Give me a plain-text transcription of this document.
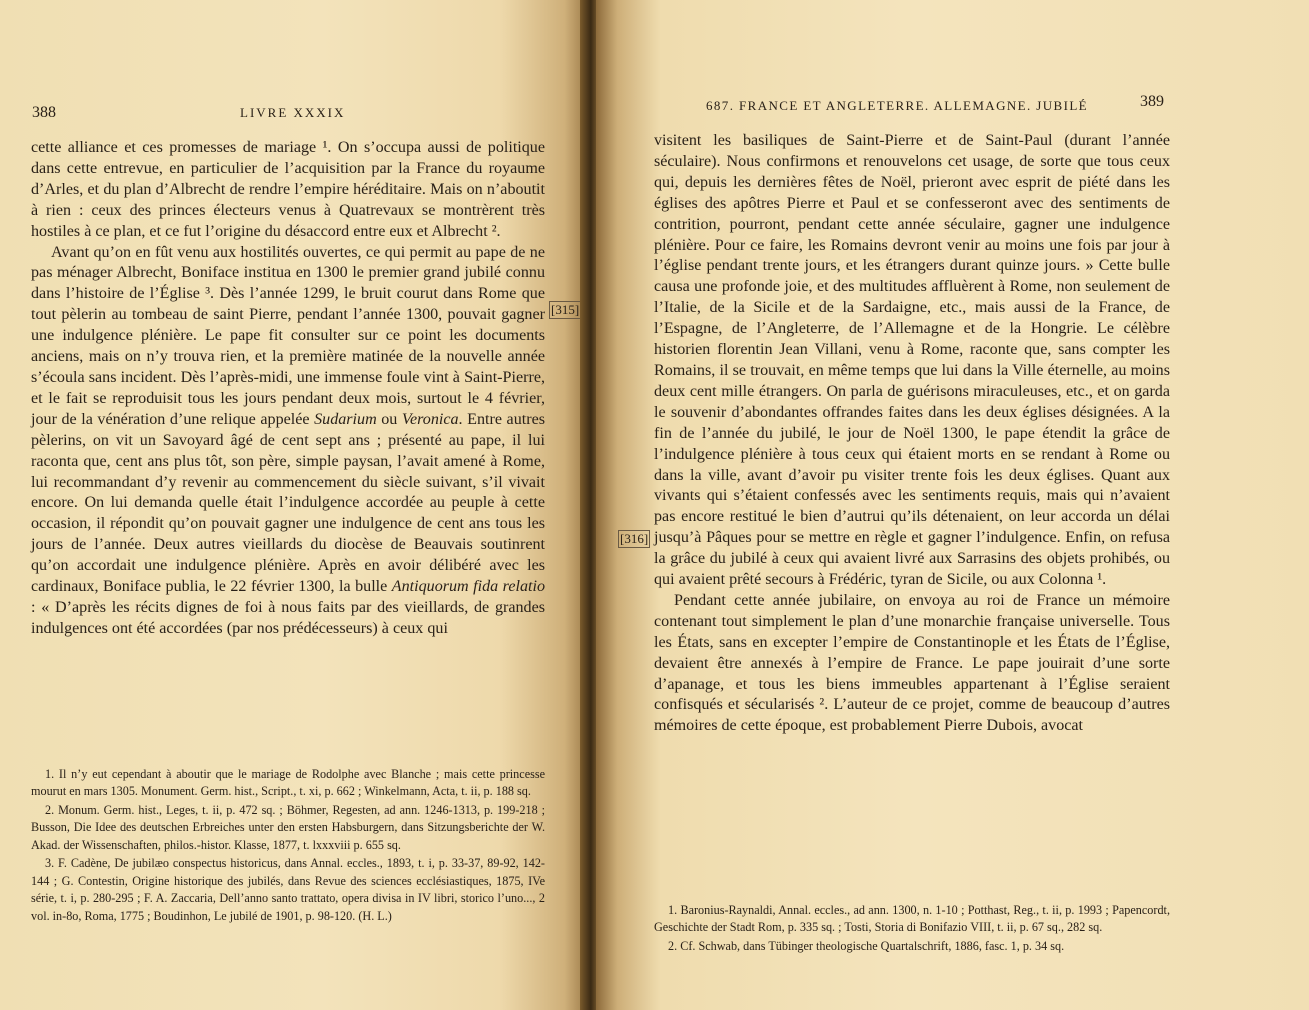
388	LIVRE XXXIX

cette alliance et ces promesses de mariage ¹. On s’occupa aussi de politique dans cette entrevue, en particulier de l’acquisition par la France du royaume d’Arles, et du plan d’Albrecht de rendre l’empire héréditaire. Mais on n’aboutit à rien : ceux des princes électeurs venus à Quatrevaux se montrèrent très hostiles à ce plan, et ce fut l’origine du désaccord entre eux et Albrecht ².

Avant qu’on en fût venu aux hostilités ouvertes, ce qui permit au pape de ne pas ménager Albrecht, Boniface institua en 1300 le premier grand jubilé connu dans l’histoire de l’Église ³. Dès l’année 1299, le bruit courut dans Rome que tout pèlerin au tombeau de saint Pierre, pendant l’année 1300, pouvait gagner une indulgence plénière. Le pape fit consulter sur ce point les documents anciens, mais on n’y trouva rien, et la première matinée de la nouvelle année s’écoula sans incident. Dès l’après-midi, une immense foule vint à Saint-Pierre, et le fait se reproduisit tous les jours pendant deux mois, surtout le 4 février, jour de la vénération d’une relique appelée Sudarium ou Veronica. Entre autres pèlerins, on vit un Savoyard âgé de cent sept ans ; présenté au pape, il lui raconta que, cent ans plus tôt, son père, simple paysan, l’avait amené à Rome, lui recommandant d’y revenir au commencement du siècle suivant, s’il vivait encore. On lui demanda quelle était l’indulgence accordée au peuple à cette occasion, il répondit qu’on pouvait gagner une indulgence de cent ans tous les jours de l’année. Deux autres vieillards du diocèse de Beauvais soutinrent qu’on accordait une indulgence plénière. Après en avoir délibéré avec les cardinaux, Boniface publia, le 22 février 1300, la bulle Antiquorum fida relatio : « D’après les récits dignes de foi à nous faits par des vieillards, de grandes indulgences ont été accordées (par nos prédécesseurs) à ceux qui

[315]

1. Il n’y eut cependant à aboutir que le mariage de Rodolphe avec Blanche ; mais cette princesse mourut en mars 1305. Monument. Germ. hist., Script., t. xi, p. 662 ; Winkelmann, Acta, t. ii, p. 188 sq.

2. Monum. Germ. hist., Leges, t. ii, p. 472 sq. ; Böhmer, Regesten, ad ann. 1246-1313, p. 199-218 ; Busson, Die Idee des deutschen Erbreiches unter den ersten Habsburgern, dans Sitzungsberichte der W. Akad. der Wissenschaften, philos.-histor. Klasse, 1877, t. lxxxviii p. 655 sq.

3. F. Cadène, De jubilæo conspectus historicus, dans Annal. eccles., 1893, t. i, p. 33-37, 89-92, 142-144 ; G. Contestin, Origine historique des jubilés, dans Revue des sciences ecclésiastiques, 1875, IVe série, t. i, p. 280-295 ; F. A. Zaccaria, Dell’anno santo trattato, opera divisa in IV libri, storico l’uno..., 2 vol. in-8o, Roma, 1775 ; Boudinhon, Le jubilé de 1901, p. 98-120. (H. L.)

687. FRANCE ET ANGLETERRE. ALLEMAGNE. JUBILÉ	389

visitent les basiliques de Saint-Pierre et de Saint-Paul (durant l’année séculaire). Nous confirmons et renouvelons cet usage, de sorte que tous ceux qui, depuis les dernières fêtes de Noël, prieront avec esprit de piété dans les églises des apôtres Pierre et Paul et se confesseront avec des sentiments de contrition, pourront, pendant cette année séculaire, gagner une indulgence plénière. Pour ce faire, les Romains devront venir au moins une fois par jour à l’église pendant trente jours, et les étrangers durant quinze jours. » Cette bulle causa une profonde joie, et des multitudes affluèrent à Rome, non seulement de l’Italie, de la Sicile et de la Sardaigne, etc., mais aussi de la France, de l’Espagne, de l’Angleterre, de l’Allemagne et de la Hongrie. Le célèbre historien florentin Jean Villani, venu à Rome, raconte que, sans compter les Romains, il se trouvait, en même temps que lui dans la Ville éternelle, au moins deux cent mille étrangers. On parla de guérisons miraculeuses, etc., et on garda le souvenir d’abondantes offrandes faites dans les deux églises désignées. A la fin de l’année du jubilé, le jour de Noël 1300, le pape étendit la grâce de l’indulgence plénière à tous ceux qui étaient morts en se rendant à Rome ou dans la ville, avant d’avoir pu visiter trente fois les deux églises. Quant aux vivants qui s’étaient confessés avec les sentiments requis, mais qui n’avaient pas encore restitué le bien d’autrui qu’ils détenaient, on leur accorda un délai jusqu’à Pâques pour se mettre en règle et gagner l’indulgence. Enfin, on refusa la grâce du jubilé à ceux qui avaient livré aux Sarrasins des objets prohibés, ou qui avaient prêté secours à Frédéric, tyran de Sicile, ou aux Colonna ¹.

Pendant cette année jubilaire, on envoya au roi de France un mémoire contenant tout simplement le plan d’une monarchie française universelle. Tous les États, sans en excepter l’empire de Constantinople et les États de l’Église, devaient être annexés à l’empire de France. Le pape jouirait d’une sorte d’apanage, et tous les biens immeubles appartenant à l’Église seraient confisqués et sécularisés ². L’auteur de ce projet, comme de beaucoup d’autres mémoires de cette époque, est probablement Pierre Dubois, avocat

[316]

1. Baronius-Raynaldi, Annal. eccles., ad ann. 1300, n. 1-10 ; Potthast, Reg., t. ii, p. 1993 ; Papencordt, Geschichte der Stadt Rom, p. 335 sq. ; Tosti, Storia di Bonifazio VIII, t. ii, p. 67 sq., 282 sq.

2. Cf. Schwab, dans Tübinger theologische Quartalschrift, 1886, fasc. 1, p. 34 sq.
